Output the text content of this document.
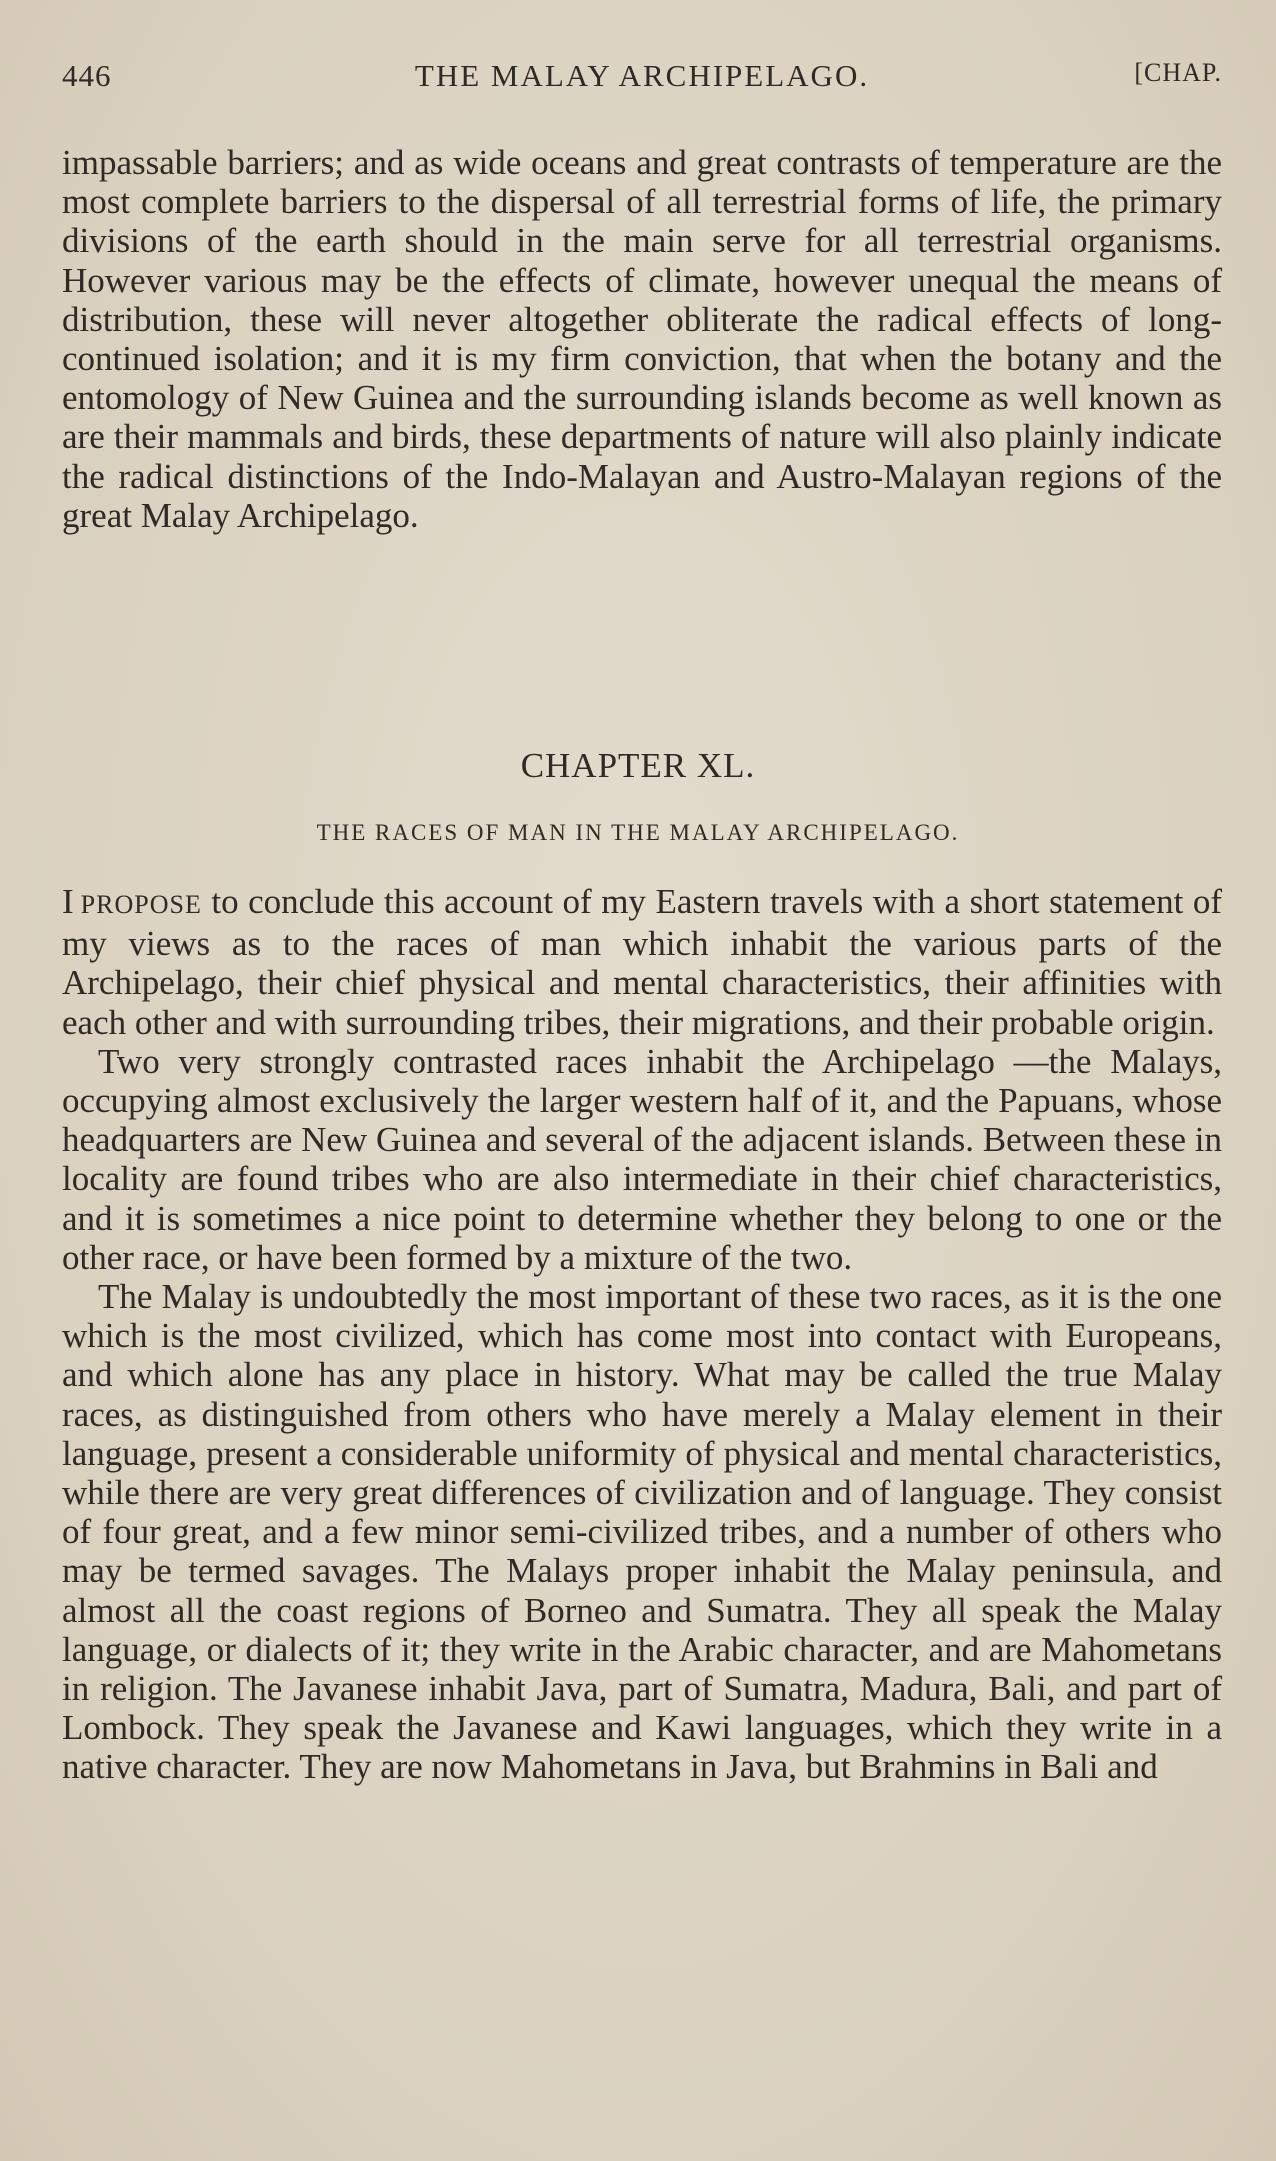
446	THE MALAY ARCHIPELAGO.	[CHAP.

impassable barriers; and as wide oceans and great contrasts of temperature are the most complete barriers to the dispersal of all terrestrial forms of life, the primary divisions of the earth should in the main serve for all terrestrial organisms. However various may be the effects of climate, however unequal the means of distribution, these will never altogether obliterate the radical effects of long-continued isolation; and it is my firm conviction, that when the botany and the entomology of New Guinea and the surrounding islands become as well known as are their mammals and birds, these departments of nature will also plainly indicate the radical distinctions of the Indo-Malayan and Austro-Malayan regions of the great Malay Archipelago.

CHAPTER XL.
THE RACES OF MAN IN THE MALAY ARCHIPELAGO.

I  PROPOSE to conclude this account of my Eastern travels with a short statement of my views as to the races of man which inhabit the various parts of the Archipelago, their chief physical and mental characteristics, their affinities with each other and with surrounding tribes, their migrations, and their probable origin.

Two very strongly contrasted races inhabit the Archipelago —the Malays, occupying almost exclusively the larger western half of it, and the Papuans, whose headquarters are New Guinea and several of the adjacent islands. Between these in locality are found tribes who are also intermediate in their chief characteristics, and it is sometimes a nice point to determine whether they belong to one or the other race, or have been formed by a mixture of the two.

The Malay is undoubtedly the most important of these two races, as it is the one which is the most civilized, which has come most into contact with Europeans, and which alone has any place in history. What may be called the true Malay races, as distinguished from others who have merely a Malay element in their language, present a considerable uniformity of physical and mental characteristics, while there are very great differences of civilization and of language. They consist of four great, and a few minor semi-civilized tribes, and a number of others who may be termed savages. The Malays proper inhabit the Malay peninsula, and almost all the coast regions of Borneo and Sumatra. They all speak the Malay language, or dialects of it; they write in the Arabic character, and are Mahometans in religion. The Javanese inhabit Java, part of Sumatra, Madura, Bali, and part of Lombock. They speak the Javanese and Kawi languages, which they write in a native character. They are now Mahometans in Java, but Brahmins in Bali and
